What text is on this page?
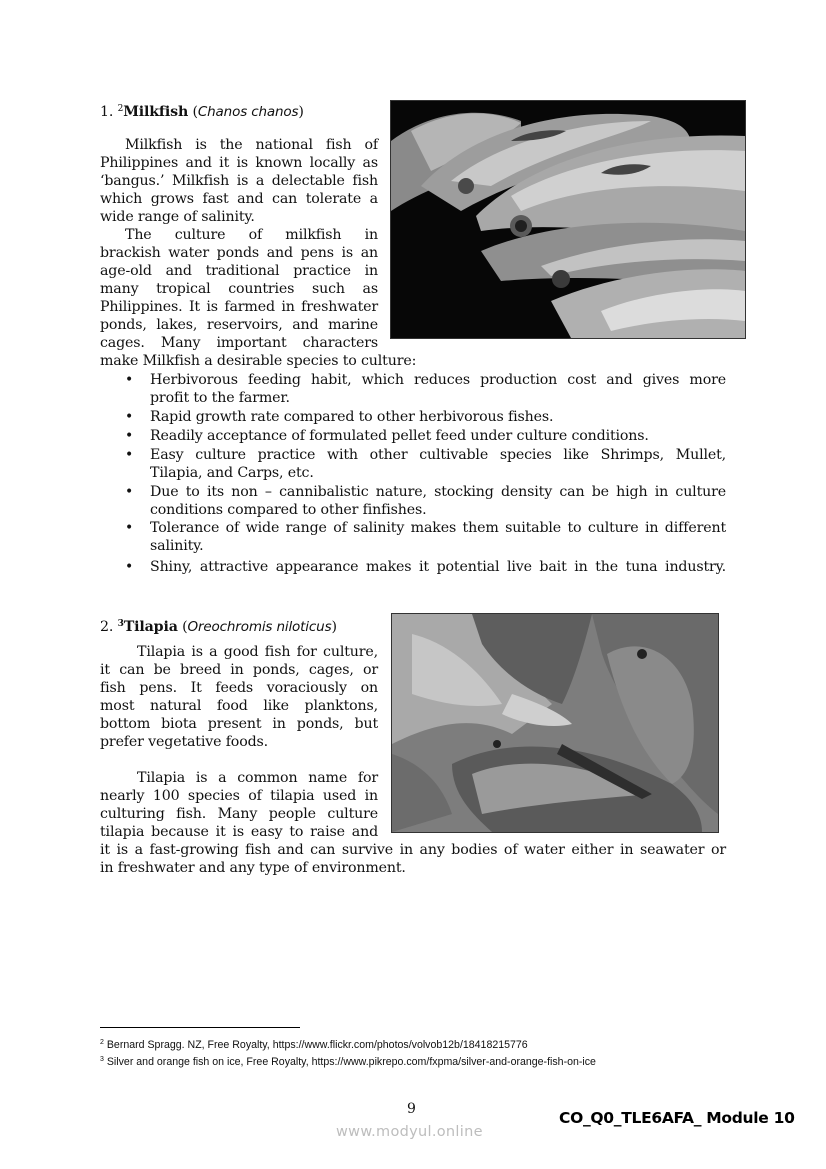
1. $^2$Milkfish (Chanos chanos)
Milkfish is the national fish of
Philippines and it is known locally as
‘bangus.’ Milkfish is a delectable fish
which grows fast and can tolerate a
wide range of salinity.
The culture of milkfish in
brackish water ponds and pens is an
age-old and traditional practice in
many tropical countries such as
Philippines. It is farmed in freshwater
ponds, lakes, reservoirs, and marine
cages. Many important characters
make Milkfish a desirable species to culture:
• Herbivorous feeding habit, which reduces production cost and gives more
profit to the farmer.
• Rapid growth rate compared to other herbivorous fishes.
• Readily acceptance of formulated pellet feed under culture conditions.
• Easy culture practice with other cultivable species like Shrimps, Mullet,
Tilapia, and Carps, etc.
• Due to its non – cannibalistic nature, stocking density can be high in culture
conditions compared to other finfishes.
• Tolerance of wide range of salinity makes them suitable to culture in different
salinity.
• Shiny, attractive appearance makes it potential live bait in the tuna industry.
2. $^3$Tilapia (Oreochromis niloticus)
Tilapia is a good fish for culture,
it can be breed in ponds, cages, or
fish pens. It feeds voraciously on
most natural food like planktons,
bottom biota present in ponds, but
prefer vegetative foods.
Tilapia is a common name for
nearly 100 species of tilapia used in
culturing fish. Many people culture
tilapia because it is easy to raise and
it is a fast-growing fish and can survive in any bodies of water either in seawater or
in freshwater and any type of environment.
$^2$ Bernard Spragg. NZ, Free Royalty, https://www.flickr.com/photos/volvob12b/18418215776
$^3$ Silver and orange fish on ice, Free Royalty, https://www.pikrepo.com/fxpma/silver-and-orange-fish-on-ice
9	CO_Q0_TLE6AFA_ Module 10
www.modyul.online
